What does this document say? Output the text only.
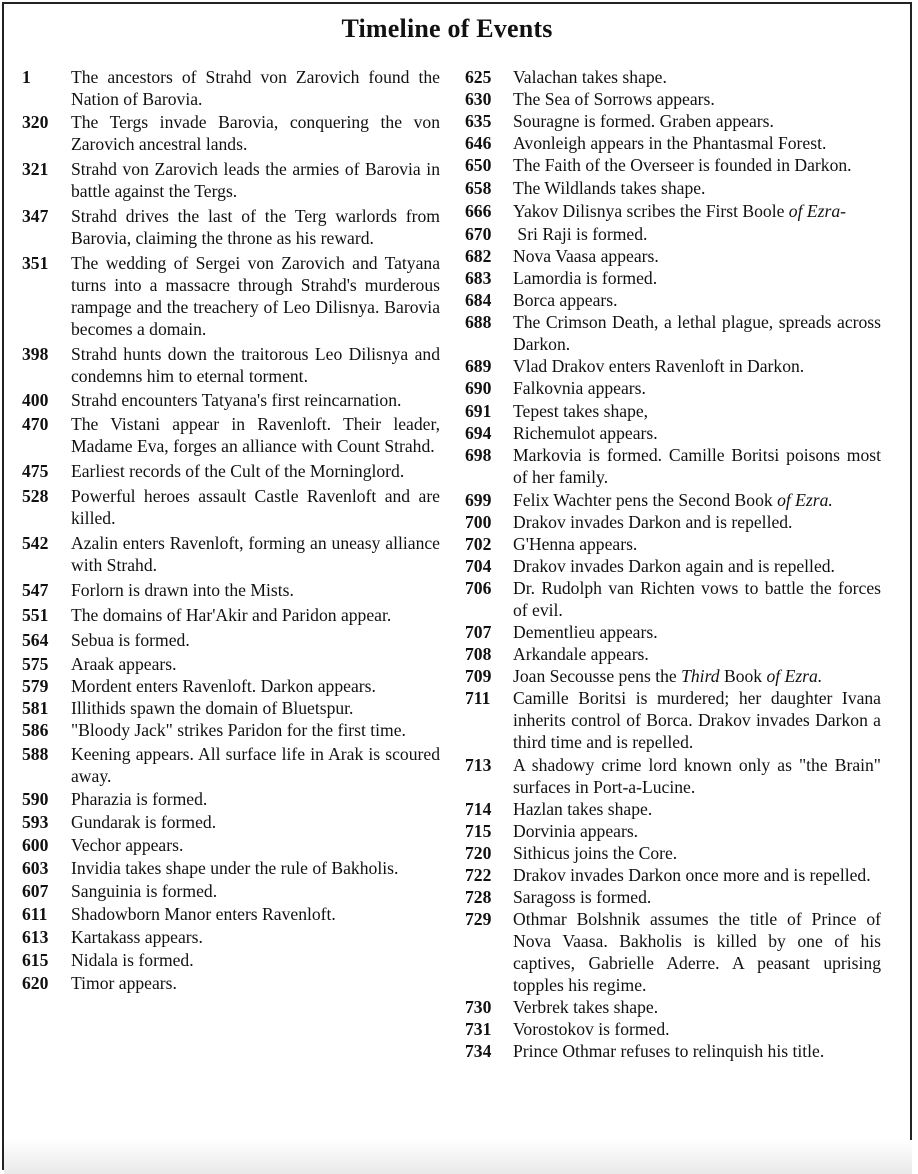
Timeline of Events
1	The ancestors of Strahd von Zarovich found the Nation of Barovia.
320	The Tergs invade Barovia, conquering the von Zarovich ancestral lands.
321	Strahd von Zarovich leads the armies of Barovia in battle against the Tergs.
347	Strahd drives the last of the Terg warlords from Barovia, claiming the throne as his reward.
351	The wedding of Sergei von Zarovich and Tatyana turns into a massacre through Strahd's murderous rampage and the treachery of Leo Dilisnya. Barovia becomes a domain.
398	Strahd hunts down the traitorous Leo Dilisnya and condemns him to eternal torment.
400	Strahd encounters Tatyana's first reincarnation.
470	The Vistani appear in Ravenloft. Their leader, Madame Eva, forges an alliance with Count Strahd.
475	Earliest records of the Cult of the Morninglord.
528	Powerful heroes assault Castle Ravenloft and are killed.
542	Azalin enters Ravenloft, forming an uneasy alliance with Strahd.
547	Forlorn is drawn into the Mists.
551	The domains of Har'Akir and Paridon appear.
564	Sebua is formed.
575	Araak appears.
579	Mordent enters Ravenloft. Darkon appears.
581	Illithids spawn the domain of Bluetspur.
586	"Bloody Jack" strikes Paridon for the first time.
588	Keening appears. All surface life in Arak is scoured away.
590	Pharazia is formed.
593	Gundarak is formed.
600	Vechor appears.
603	Invidia takes shape under the rule of Bakholis.
607	Sanguinia is formed.
611	Shadowborn Manor enters Ravenloft.
613	Kartakass appears.
615	Nidala is formed.
620	Timor appears.
625	Valachan takes shape.
630	The Sea of Sorrows appears.
635	Souragne is formed. Graben appears.
646	Avonleigh appears in the Phantasmal Forest.
650	The Faith of the Overseer is founded in Darkon.
658	The Wildlands takes shape.
666	Yakov Dilisnya scribes the First Boole of Ezra-
670	Sri Raji is formed.
682	Nova Vaasa appears.
683	Lamordia is formed.
684	Borca appears.
688	The Crimson Death, a lethal plague, spreads across Darkon.
689	Vlad Drakov enters Ravenloft in Darkon.
690	Falkovnia appears.
691	Tepest takes shape,
694	Richemulot appears.
698	Markovia is formed. Camille Boritsi poisons most of her family.
699	Felix Wachter pens the Second Book of Ezra.
700	Drakov invades Darkon and is repelled.
702	G'Henna appears.
704	Drakov invades Darkon again and is repelled.
706	Dr. Rudolph van Richten vows to battle the forces of evil.
707	Dementlieu appears.
708	Arkandale appears.
709	Joan Secousse pens the Third Book of Ezra.
711	Camille Boritsi is murdered; her daughter Ivana inherits control of Borca. Drakov invades Darkon a third time and is repelled.
713	A shadowy crime lord known only as "the Brain" surfaces in Port-a-Lucine.
714	Hazlan takes shape.
715	Dorvinia appears.
720	Sithicus joins the Core.
722	Drakov invades Darkon once more and is repelled.
728	Saragoss is formed.
729	Othmar Bolshnik assumes the title of Prince of Nova Vaasa. Bakholis is killed by one of his captives, Gabrielle Aderre. A peasant uprising topples his regime.
730	Verbrek takes shape.
731	Vorostokov is formed.
734	Prince Othmar refuses to relinquish his title.
